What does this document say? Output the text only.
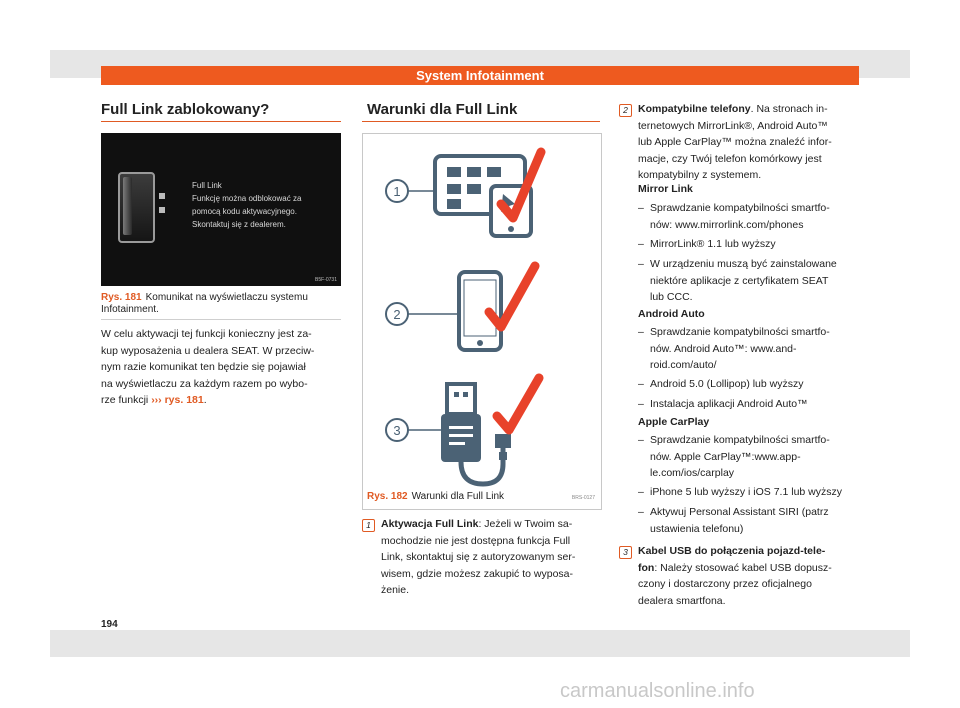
System Infotainment
Full Link zablokowany?
Full Link
Funkcję można odblokować za
pomocą kodu aktywacyjnego.
Skontaktuj się z dealerem.
B5F-0731
Rys. 181 Komunikat na wyświetlaczu systemu
Infotainment.
W celu aktywacji tej funkcji konieczny jest za-
kup wyposażenia u dealera SEAT. W przeciw-
nym razie komunikat ten będzie się pojawiał
na wyświetlaczu za każdym razem po wybo-
rze funkcji ››› rys. 181.
Warunki dla Full Link
1
2
3
BRS-0127
Rys. 182 Warunki dla Full Link
1 Aktywacja Full Link: Jeżeli w Twoim sa-
mochodzie nie jest dostępna funkcja Full
Link, skontaktuj się z autoryzowanym ser-
wisem, gdzie możesz zakupić to wyposa-
żenie.
2 Kompatybilne telefony. Na stronach in-
ternetowych MirrorLink®, Android Auto™
lub Apple CarPlay™ można znaleźć infor-
macje, czy Twój telefon komórkowy jest
kompatybilny z systemem.
Mirror Link
– Sprawdzanie kompatybilności smartfo-
nów: www.mirrorlink.com/phones
– MirrorLink® 1.1 lub wyższy
– W urządzeniu muszą być zainstalowane
niektóre aplikacje z certyfikatem SEAT
lub CCC.
Android Auto
– Sprawdzanie kompatybilności smartfo-
nów. Android Auto™: www.and-
roid.com/auto/
– Android 5.0 (Lollipop) lub wyższy
– Instalacja aplikacji Android Auto™
Apple CarPlay
– Sprawdzanie kompatybilności smartfo-
nów. Apple CarPlay™:www.app-
le.com/ios/carplay
– iPhone 5 lub wyższy i iOS 7.1 lub wyższy
– Aktywuj Personal Assistant SIRI (patrz
ustawienia telefonu)
3 Kabel USB do połączenia pojazd-tele-
fon: Należy stosować kabel USB dopusz-
czony i dostarczony przez oficjalnego
dealera smartfona.
194
carmanualsonline.info
